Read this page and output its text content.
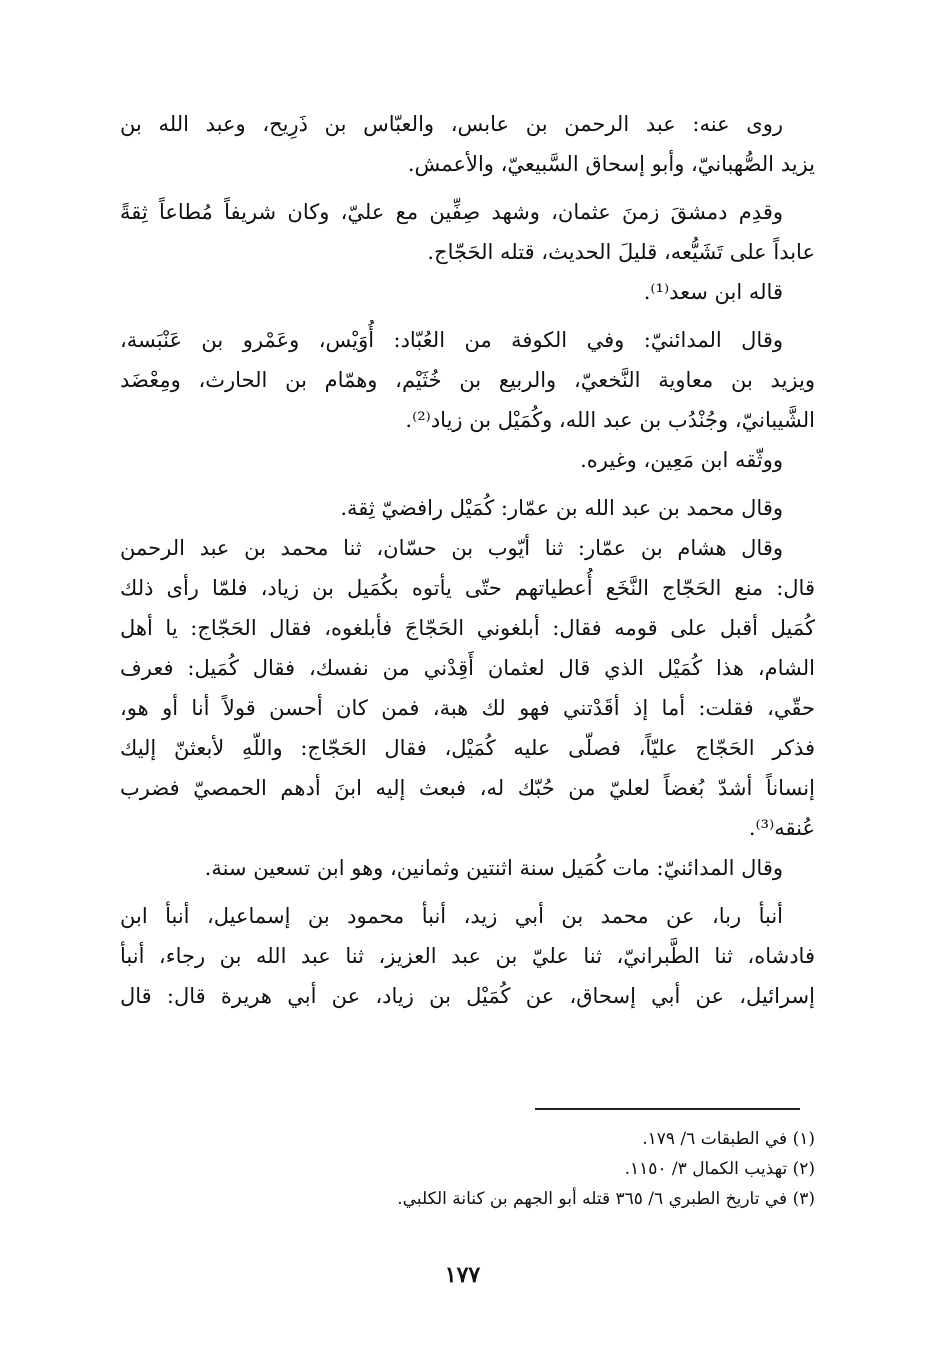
روى عنه: عبد الرحمن بن عابس، والعبّاس بن ذَرِيح، وعبد الله بن
يزيد الصُّهبانيّ، وأبو إسحاق السَّبيعيّ، والأعمش.
وقدِم دمشقَ زمنَ عثمان، وشهد صِفِّين مع عليّ، وكان شريفاً مُطاعاً ثِقةً
عابداً على تَشَيُّعه، قليلَ الحديث، قتله الحَجّاج.
قاله ابن سعد⁽¹⁾.
وقال المدائنيّ: وفي الكوفة من العُبّاد: أُوَيْس، وعَمْرو بن عَنْبَسة،
ويزيد بن معاوية النَّخعيّ، والربيع بن خُثَيْم، وهمّام بن الحارث، ومِعْضَد
الشَّيبانيّ، وجُنْدُب بن عبد الله، وكُمَيْل بن زياد⁽²⁾.
ووثّقه ابن مَعِين، وغيره.
وقال محمد بن عبد الله بن عمّار: كُمَيْل رافضيّ ثِقة.
وقال هشام بن عمّار: ثنا أيّوب بن حسّان، ثنا محمد بن عبد الرحمن
قال: منع الحَجّاج النَّخَع أُعطياتهم حتّى يأتوه بكُمَيل بن زياد، فلمّا رأى ذلك
كُمَيل أقبل على قومه فقال: أبلغوني الحَجّاجَ فأبلغوه، فقال الحَجّاج: يا أهل
الشام، هذا كُمَيْل الذي قال لعثمان أَقِدْني من نفسك، فقال كُمَيل: فعرف
حقّي، فقلت: أما إذ أقَدْتني فهو لك هبة، فمن كان أحسن قولاً أنا أو هو،
فذكر الحَجّاج عليّاً، فصلّى عليه كُمَيْل، فقال الحَجّاج: واللّهِ لأبعثنّ إليك
إنساناً أشدّ بُغضاً لعليّ من حُبّك له، فبعث إليه ابنَ أدهم الحمصيّ فضرب
عُنقه⁽³⁾.
وقال المدائنيّ: مات كُمَيل سنة اثنتين وثمانين، وهو ابن تسعين سنة.
أنبأ ربا، عن محمد بن أبي زيد، أنبأ محمود بن إسماعيل، أنبأ ابن
فادشاه، ثنا الطَّبرانيّ، ثنا عليّ بن عبد العزيز، ثنا عبد الله بن رجاء، أنبأ
إسرائيل، عن أبي إسحاق، عن كُمَيْل بن زياد، عن أبي هريرة قال: قال
(١) في الطبقات ٦/ ١٧٩.
(٢) تهذيب الكمال ٣/ ١١٥٠.
(٣) في تاريخ الطبري ٦/ ٣٦٥ قتله أبو الجهم بن كنانة الكلبي.
١٧٧
